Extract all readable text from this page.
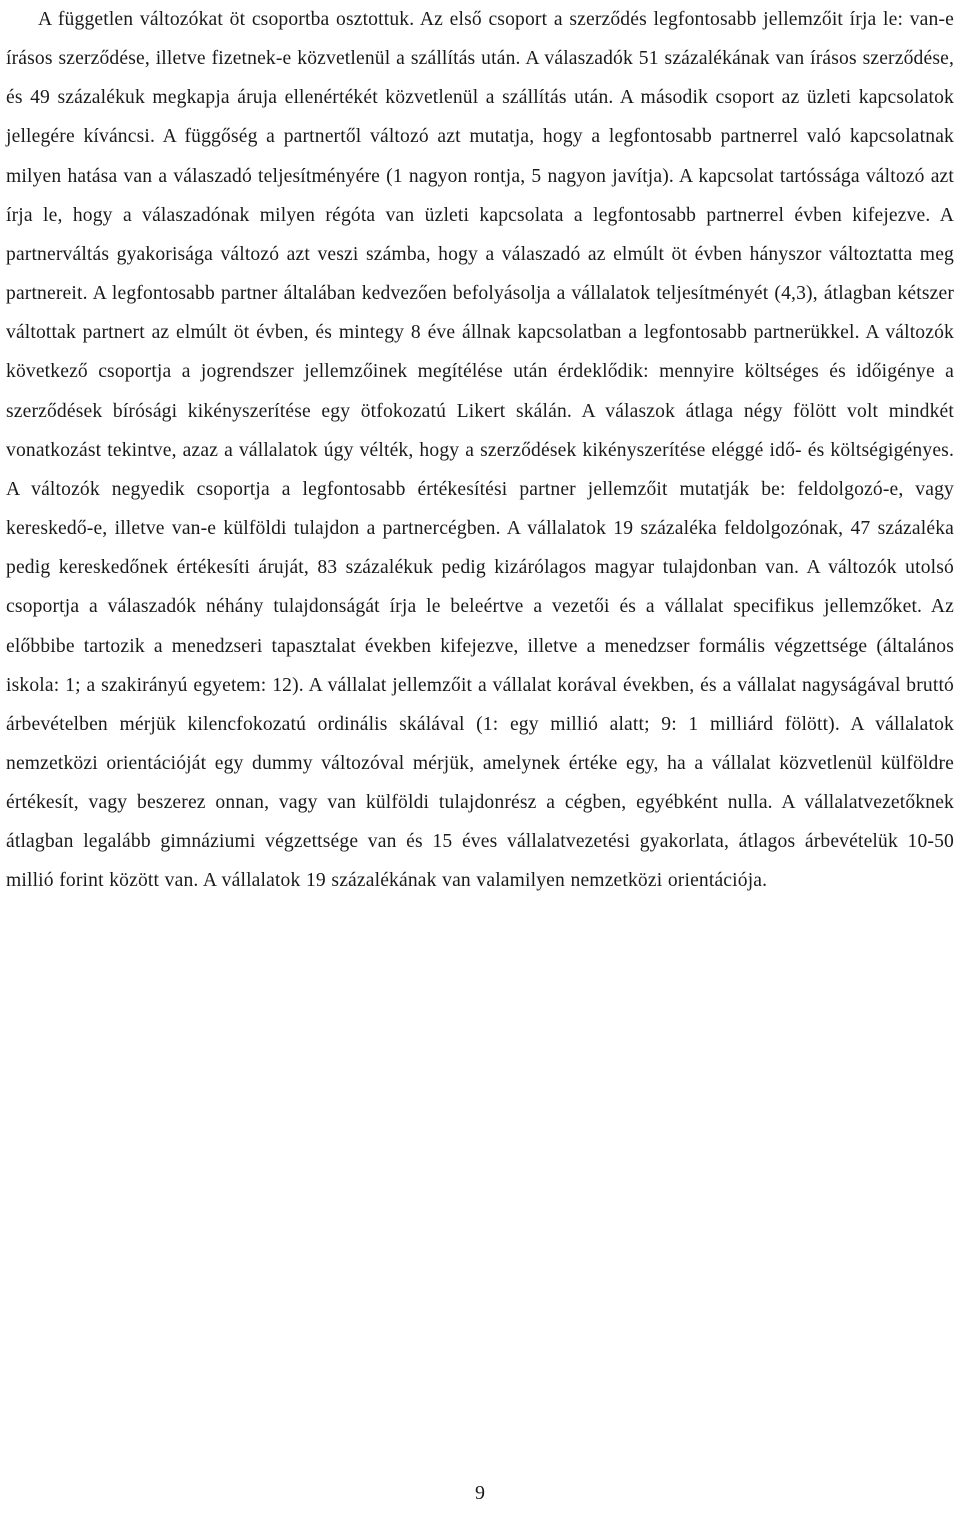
A független változókat öt csoportba osztottuk. Az első csoport a szerződés legfontosabb jellemzőit írja le: van-e írásos szerződése, illetve fizetnek-e közvetlenül a szállítás után. A válaszadók 51 százalékának van írásos szerződése, és 49 százalékuk megkapja áruja ellenértékét közvetlenül a szállítás után. A második csoport az üzleti kapcsolatok jellegére kíváncsi. A függőség a partnertől változó azt mutatja, hogy a legfontosabb partnerrel való kapcsolatnak milyen hatása van a válaszadó teljesítményére (1 nagyon rontja, 5 nagyon javítja). A kapcsolat tartóssága változó azt írja le, hogy a válaszadónak milyen régóta van üzleti kapcsolata a legfontosabb partnerrel évben kifejezve. A partnerváltás gyakorisága változó azt veszi számba, hogy a válaszadó az elmúlt öt évben hányszor változtatta meg partnereit. A legfontosabb partner általában kedvezően befolyásolja a vállalatok teljesítményét (4,3), átlagban kétszer váltottak partnert az elmúlt öt évben, és mintegy 8 éve állnak kapcsolatban a legfontosabb partnerükkel. A változók következő csoportja a jogrendszer jellemzőinek megítélése után érdeklődik: mennyire költséges és időigénye a szerződések bírósági kikényszerítése egy ötfokozatú Likert skálán. A válaszok átlaga négy fölött volt mindkét vonatkozást tekintve, azaz a vállalatok úgy vélték, hogy a szerződések kikényszerítése eléggé idő- és költségigényes. A változók negyedik csoportja a legfontosabb értékesítési partner jellemzőit mutatják be: feldolgozó-e, vagy kereskedő-e, illetve van-e külföldi tulajdon a partnercégben. A vállalatok 19 százaléka feldolgozónak, 47 százaléka pedig kereskedőnek értékesíti áruját, 83 százalékuk pedig kizárólagos magyar tulajdonban van. A változók utolsó csoportja a válaszadók néhány tulajdonságát írja le beleértve a vezetői és a vállalat specifikus jellemzőket. Az előbbibe tartozik a menedzseri tapasztalat években kifejezve, illetve a menedzser formális végzettsége (általános iskola: 1; a szakirányú egyetem: 12). A vállalat jellemzőit a vállalat korával években, és a vállalat nagyságával bruttó árbevételben mérjük kilencfokozatú ordinális skálával (1: egy millió alatt; 9: 1 milliárd fölött). A vállalatok nemzetközi orientációját egy dummy változóval mérjük, amelynek értéke egy, ha a vállalat közvetlenül külföldre értékesít, vagy beszerez onnan, vagy van külföldi tulajdonrész a cégben, egyébként nulla. A vállalatvezetőknek átlagban legalább gimnáziumi végzettsége van és 15 éves vállalatvezetési gyakorlata, átlagos árbevételük 10-50 millió forint között van. A vállalatok 19 százalékának van valamilyen nemzetközi orientációja.

9
